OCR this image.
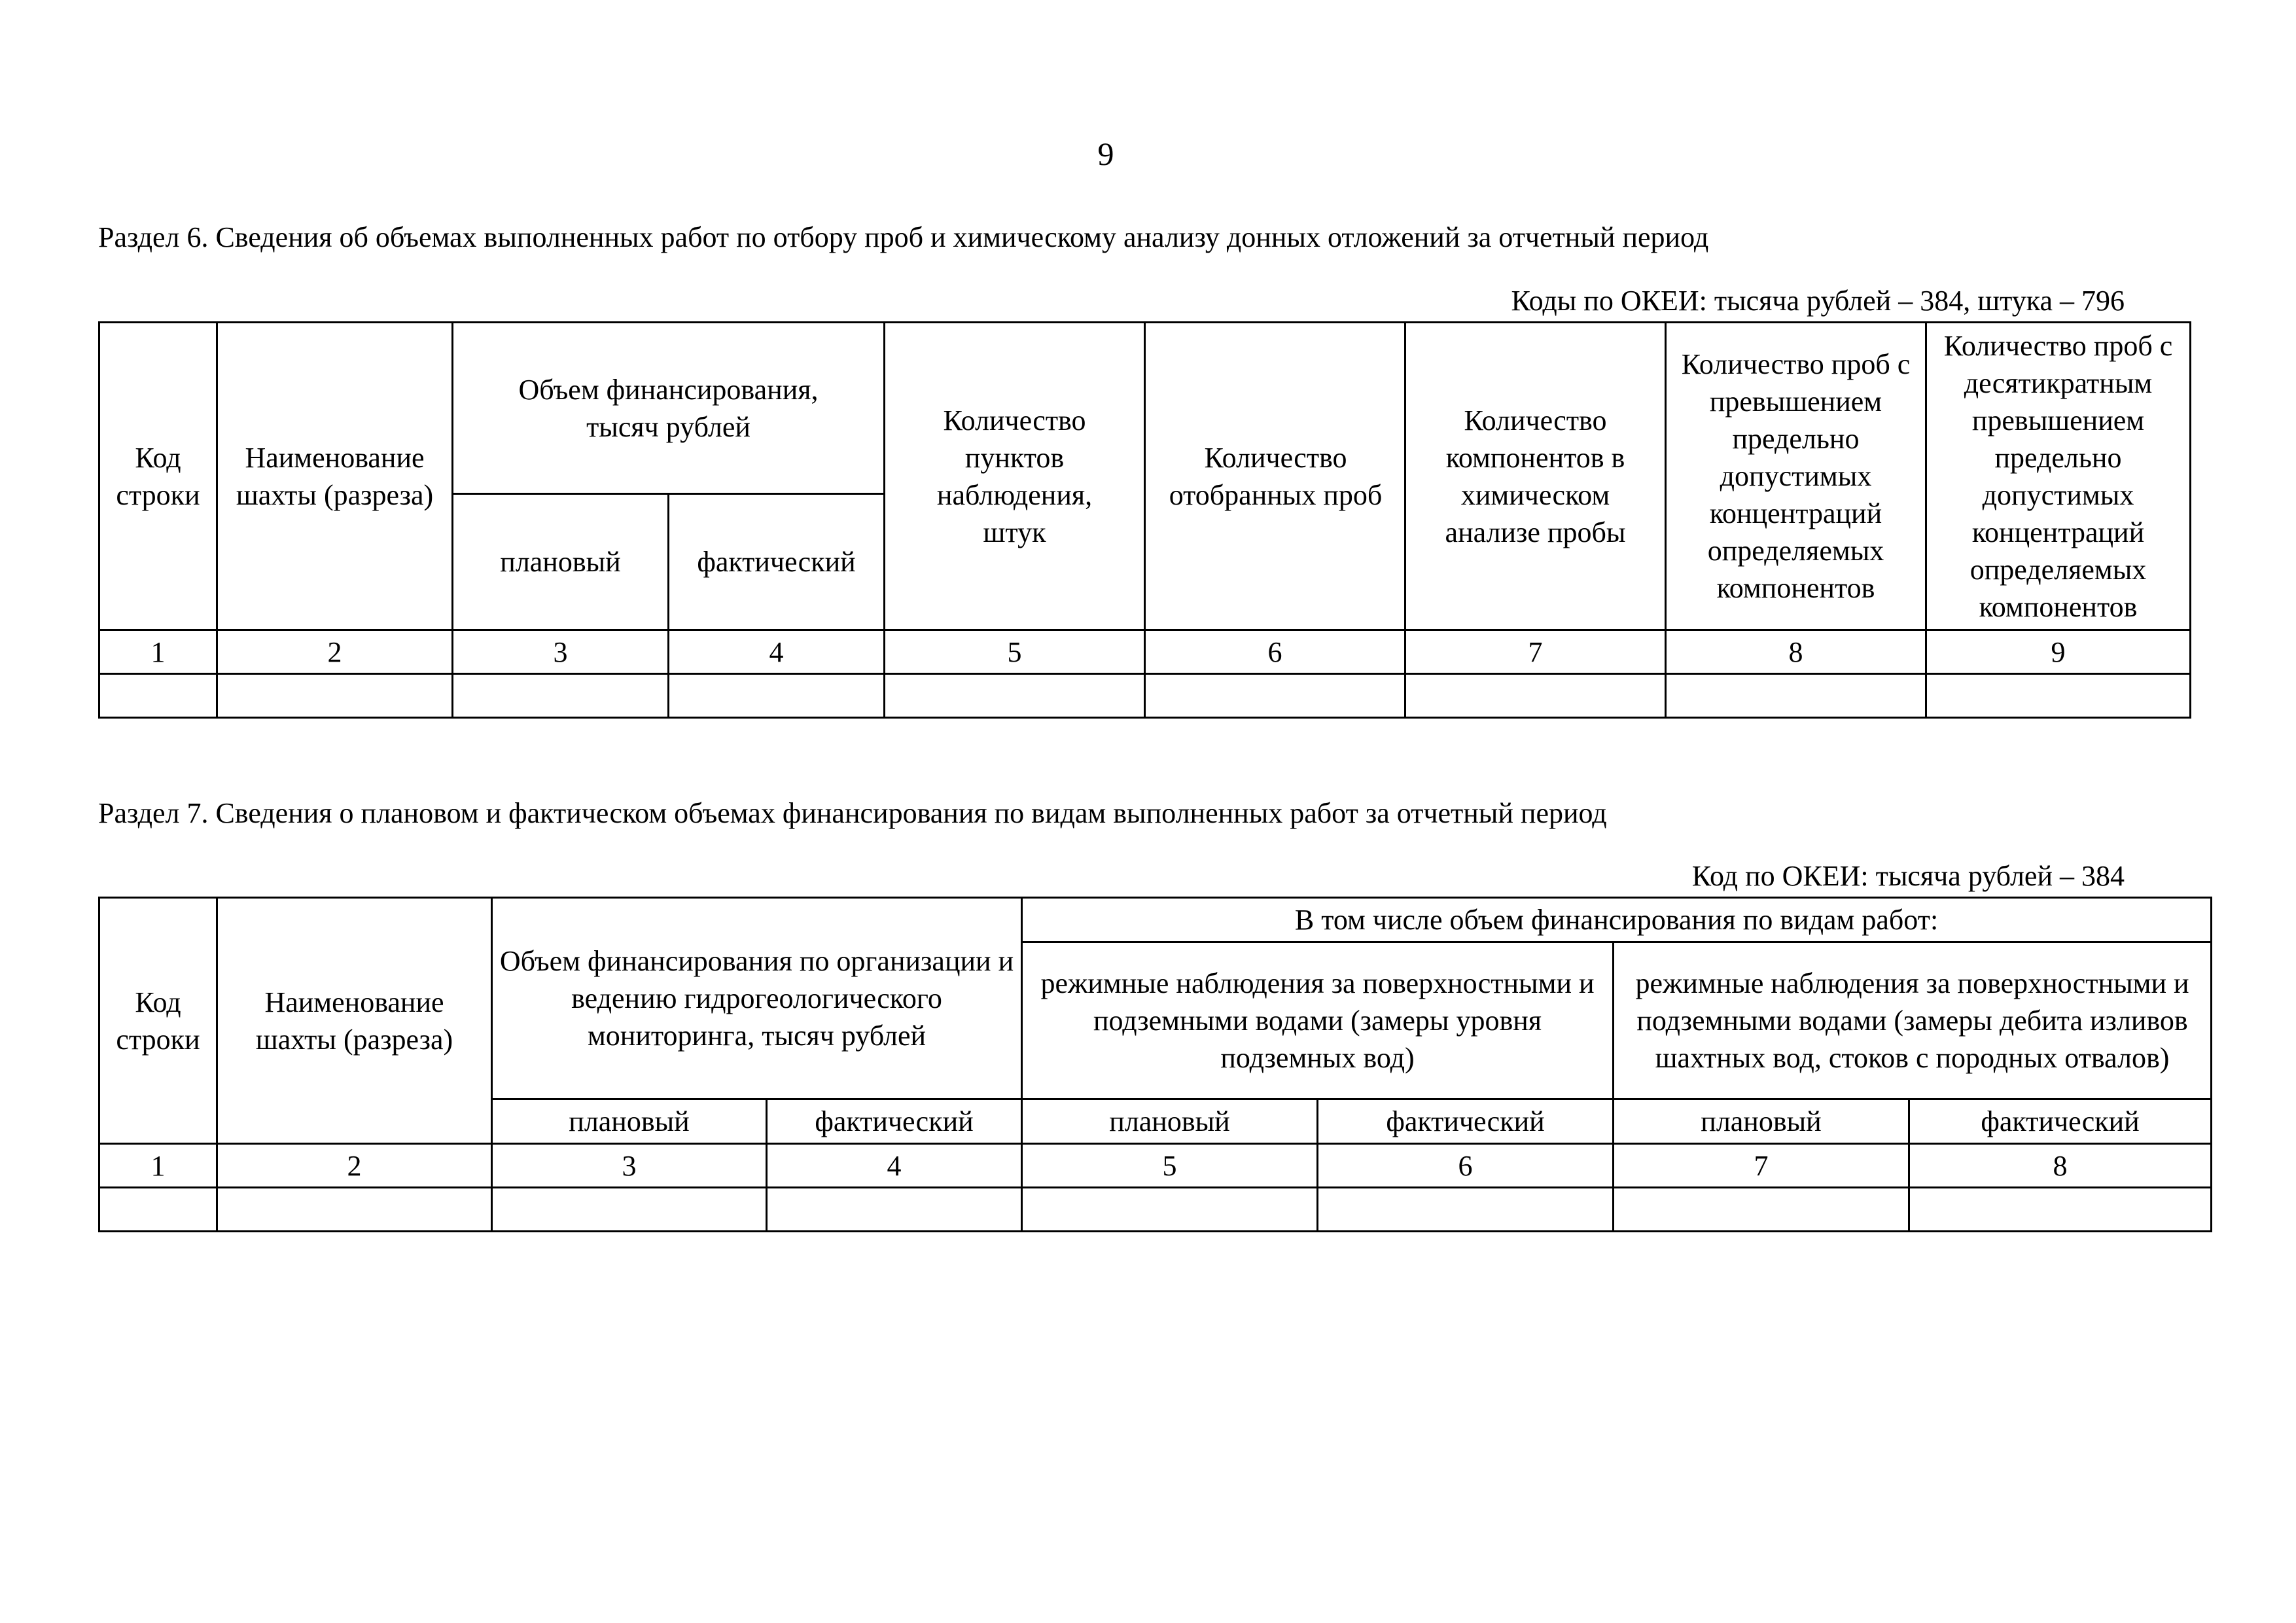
9
Раздел 6. Сведения об объемах выполненных работ по отбору проб и химическому анализу донных отложений за отчетный период
Коды по ОКЕИ: тысяча рублей – 384, штука – 796
Код строки	Наименование шахты (разреза)	Объем финансирования, тысяч рублей		Количество пунктов наблюдения, штук	Количество отобранных проб	Количество компонентов в химическом анализе пробы	Количество проб с превышением предельно допустимых концентраций определяемых компонентов	Количество проб с десятикратным превышением предельно допустимых концентраций определяемых компонентов
		плановый	фактический					
1	2	3	4	5	6	7	8	9

Раздел 7. Сведения о плановом и фактическом объемах финансирования по видам выполненных работ за отчетный период
Код по ОКЕИ: тысяча рублей – 384
Код строки	Наименование шахты (разреза)	Объем финансирования по организации и ведению гидрогеологического мониторинга, тысяч рублей		В том числе объем финансирования по видам работ:			
				режимные наблюдения за поверхностными и подземными водами (замеры уровня подземных вод)		режимные наблюдения за поверхностными и подземными водами (замеры дебита изливов шахтных вод, стоков с породных отвалов)	
		плановый	фактический	плановый	фактический	плановый	фактический
1	2	3	4	5	6	7	8
